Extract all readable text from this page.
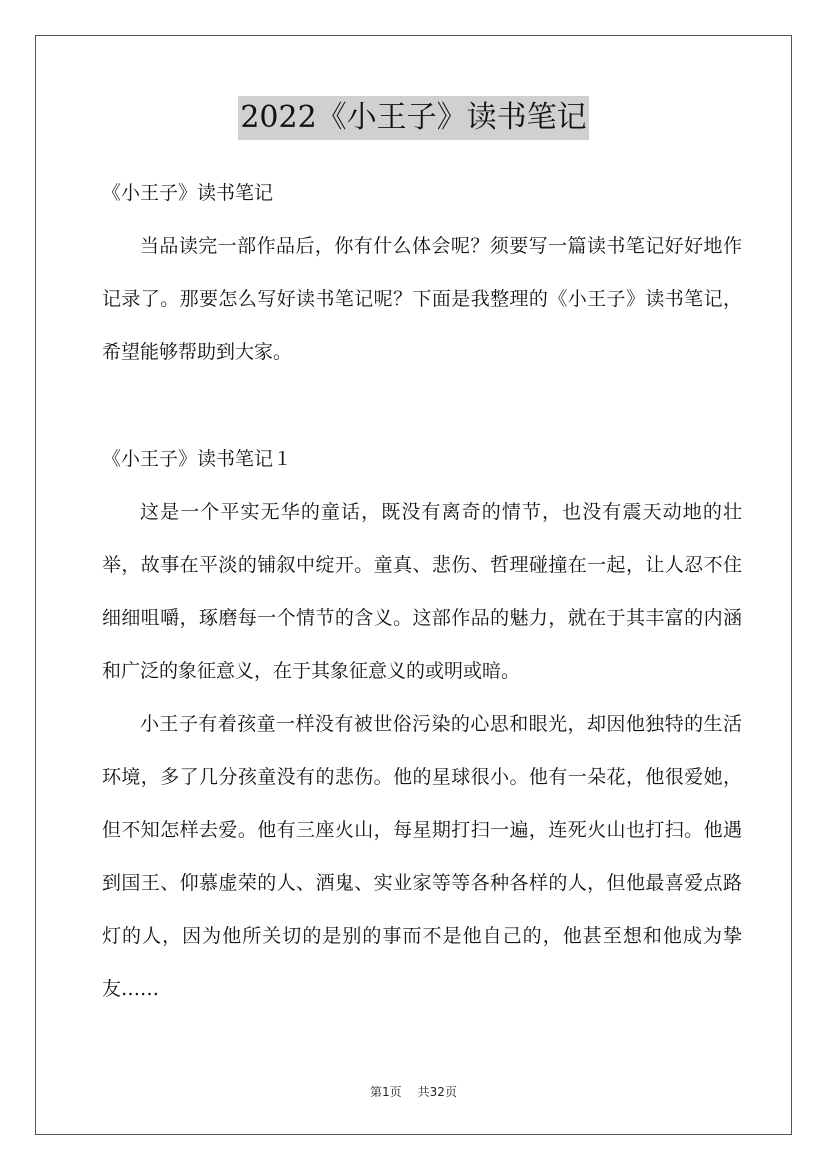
2022《小王子》读书笔记
《小王子》读书笔记

当品读完一部作品后，你有什么体会呢？须要写一篇读书笔记好好地作记录了。那要怎么写好读书笔记呢？下面是我整理的《小王子》读书笔记，希望能够帮助到大家。

《小王子》读书笔记１

这是一个平实无华的童话，既没有离奇的情节，也没有震天动地的壮举，故事在平淡的铺叙中绽开。童真、悲伤、哲理碰撞在一起，让人忍不住细细咀嚼，琢磨每一个情节的含义。这部作品的魅力，就在于其丰富的内涵和广泛的象征意义，在于其象征意义的或明或暗。

小王子有着孩童一样没有被世俗污染的心思和眼光，却因他独特的生活环境，多了几分孩童没有的悲伤。他的星球很小。他有一朵花，他很爱她，但不知怎样去爱。他有三座火山，每星期打扫一遍，连死火山也打扫。他遇到国王、仰慕虚荣的人、酒鬼、实业家等等各种各样的人，但他最喜爱点路灯的人，因为他所关切的是别的事而不是他自己的，他甚至想和他成为挚友……

第1页 共32页
